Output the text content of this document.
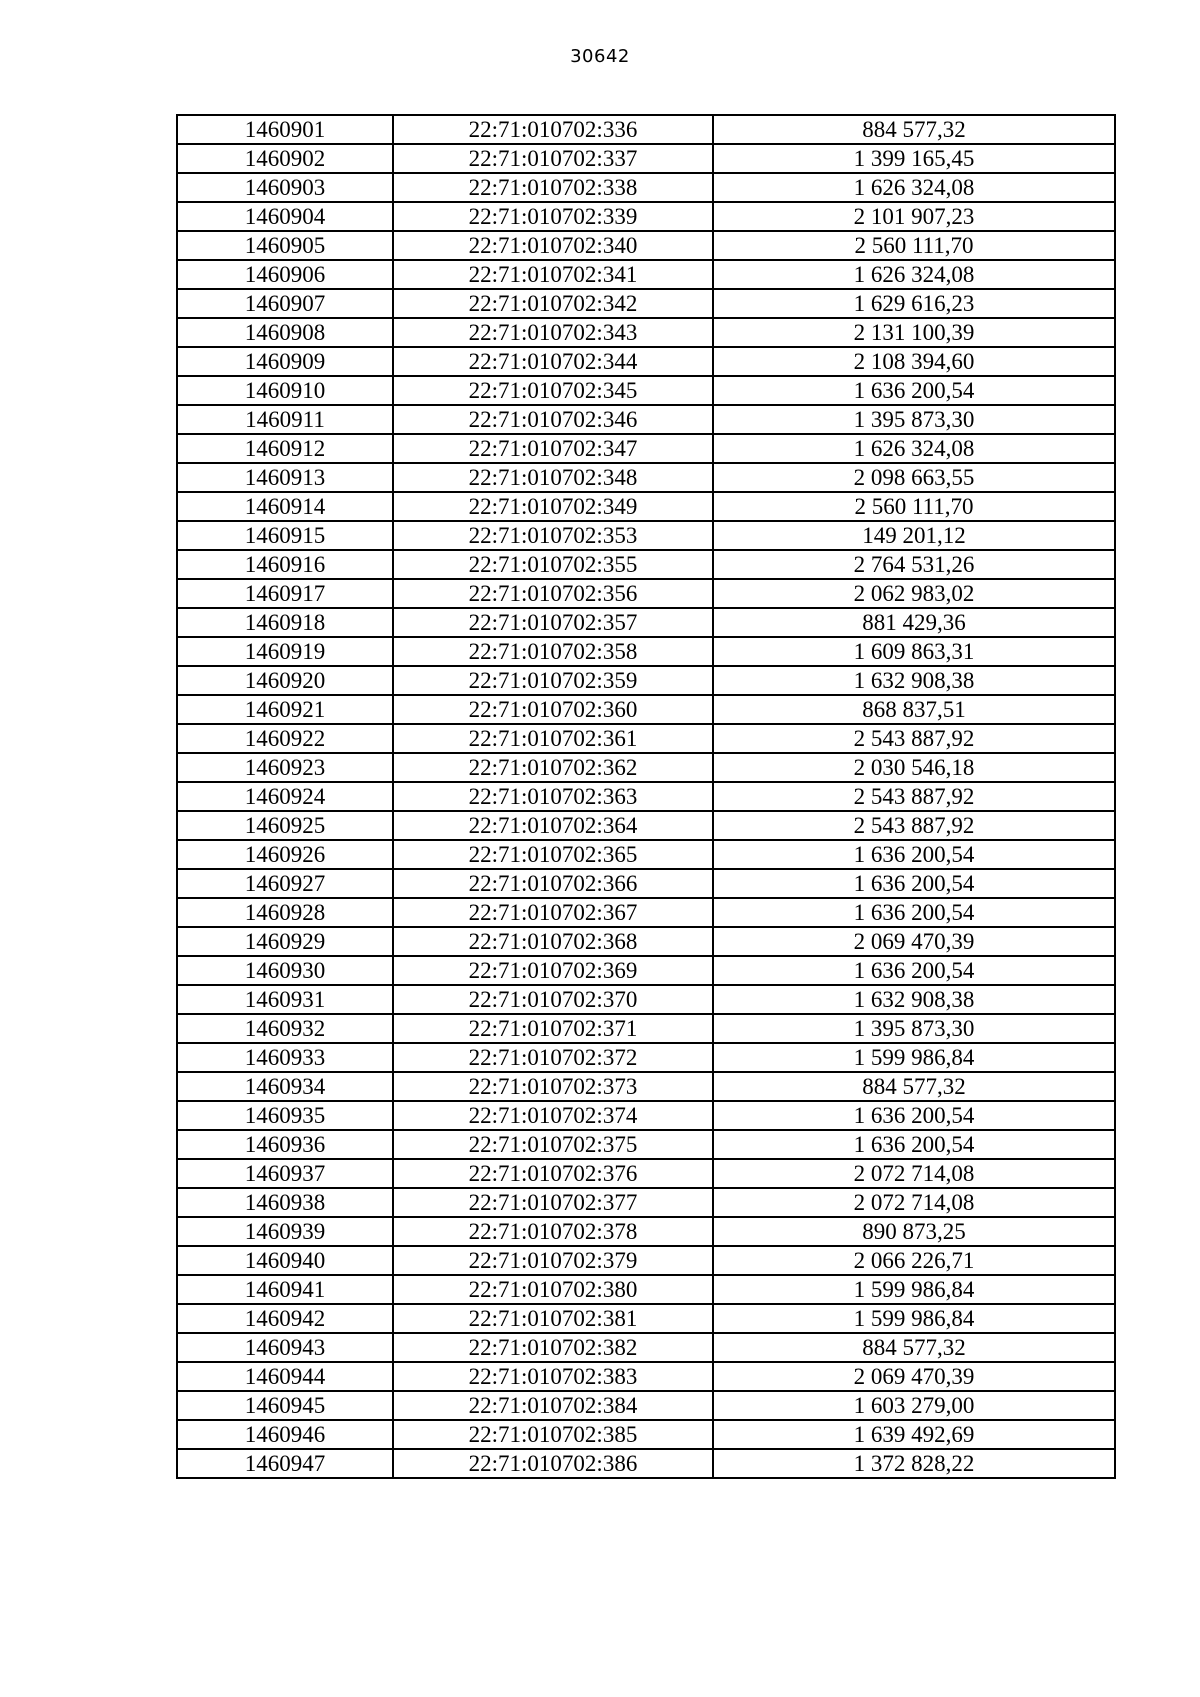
30642
1460901	22:71:010702:336	884 577,32
1460902	22:71:010702:337	1 399 165,45
1460903	22:71:010702:338	1 626 324,08
1460904	22:71:010702:339	2 101 907,23
1460905	22:71:010702:340	2 560 111,70
1460906	22:71:010702:341	1 626 324,08
1460907	22:71:010702:342	1 629 616,23
1460908	22:71:010702:343	2 131 100,39
1460909	22:71:010702:344	2 108 394,60
1460910	22:71:010702:345	1 636 200,54
1460911	22:71:010702:346	1 395 873,30
1460912	22:71:010702:347	1 626 324,08
1460913	22:71:010702:348	2 098 663,55
1460914	22:71:010702:349	2 560 111,70
1460915	22:71:010702:353	149 201,12
1460916	22:71:010702:355	2 764 531,26
1460917	22:71:010702:356	2 062 983,02
1460918	22:71:010702:357	881 429,36
1460919	22:71:010702:358	1 609 863,31
1460920	22:71:010702:359	1 632 908,38
1460921	22:71:010702:360	868 837,51
1460922	22:71:010702:361	2 543 887,92
1460923	22:71:010702:362	2 030 546,18
1460924	22:71:010702:363	2 543 887,92
1460925	22:71:010702:364	2 543 887,92
1460926	22:71:010702:365	1 636 200,54
1460927	22:71:010702:366	1 636 200,54
1460928	22:71:010702:367	1 636 200,54
1460929	22:71:010702:368	2 069 470,39
1460930	22:71:010702:369	1 636 200,54
1460931	22:71:010702:370	1 632 908,38
1460932	22:71:010702:371	1 395 873,30
1460933	22:71:010702:372	1 599 986,84
1460934	22:71:010702:373	884 577,32
1460935	22:71:010702:374	1 636 200,54
1460936	22:71:010702:375	1 636 200,54
1460937	22:71:010702:376	2 072 714,08
1460938	22:71:010702:377	2 072 714,08
1460939	22:71:010702:378	890 873,25
1460940	22:71:010702:379	2 066 226,71
1460941	22:71:010702:380	1 599 986,84
1460942	22:71:010702:381	1 599 986,84
1460943	22:71:010702:382	884 577,32
1460944	22:71:010702:383	2 069 470,39
1460945	22:71:010702:384	1 603 279,00
1460946	22:71:010702:385	1 639 492,69
1460947	22:71:010702:386	1 372 828,22
